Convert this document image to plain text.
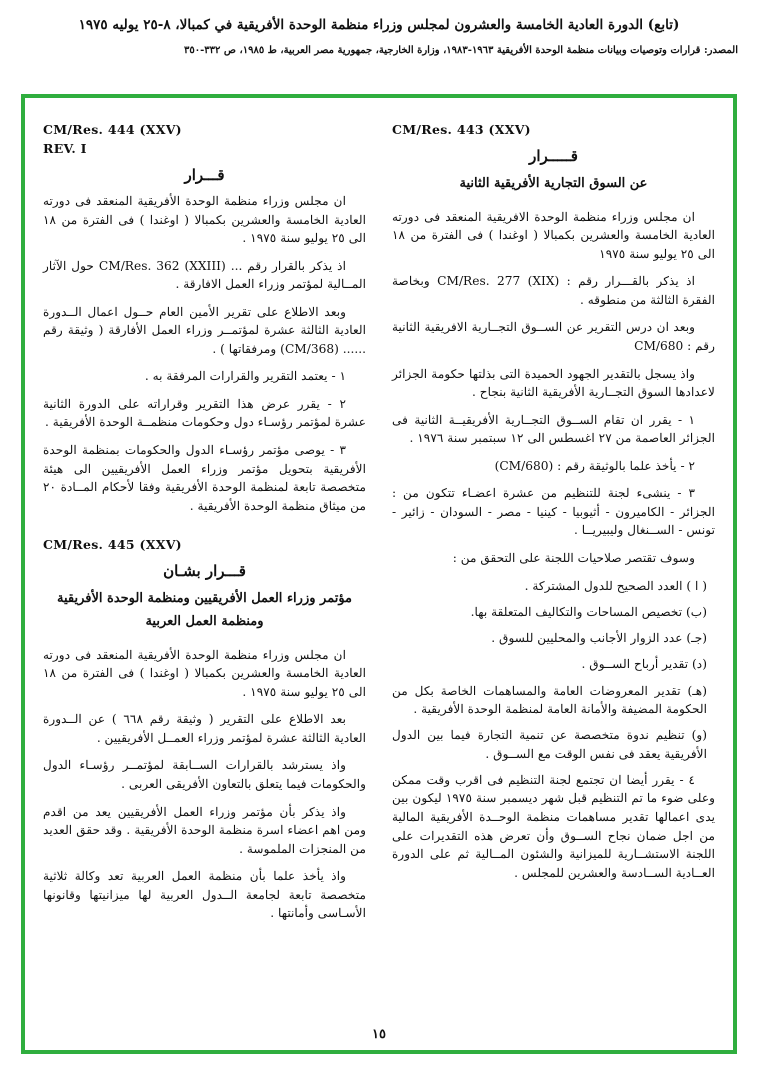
(تابع) الدورة العادية الخامسة والعشرون لمجلس وزراء منظمة الوحدة الأفريقية في كمبالا، ٨-٢٥ يوليه ١٩٧٥
المصدر: قرارات وتوصيات وبيانات منظمة الوحدة الأفريقية ١٩٦٣-١٩٨٣، وزارة الخارجية، جمهورية مصر العربية، ط ١٩٨٥، ص ٣٣٢-٣٥٠

CM/Res. 443 (XXV)

قـــــرار
عن السوق التجارية الأفريقية الثانية

ان مجلس وزراء منظمة الوحدة الافريقية المنعقد فى دورته العادية الخامسة والعشرين بكمبالا ( اوغندا ) فى الفترة من ١٨ الى ٢٥ يوليو سنة ١٩٧٥

اذ يذكر بالقـــرار رقم : CM/Res. 277 (XIX) وبخاصة الفقرة الثالثة من منطوقه .

وبعد ان درس التقرير عن الســوق التجــارية الافريقية الثانية رقم : CM/680

واذ يسجل بالتقدير الجهود الحميدة التى بذلتها حكومة الجزائر لاعدادها السوق التجــارية الأفريقية الثانية بنجاح .

١ - يقرر ان تقام الســوق التجــارية الأفريقيــة الثانية فى الجزائر العاصمة من ٢٧ اغسطس الى ١٢ سبتمبر سنة ١٩٧٦ .

٢ - يأخذ علما بالوثيقة رقم : (CM/680)

٣ - ينشىء لجنة للتنظيم من عشرة اعضـاء تتكون من : الجزائر - الكاميرون - أثيوبيا - كينيا - مصر - السودان - زائير - تونس - الســنغال وليبيريــا .

وسوف تقتصر صلاحيات اللجنة على التحقق من :

( ا ) العدد الصحيح للدول المشتركة .

(ب) تخصيص المساحات والتكاليف المتعلقة بها.

(جـ) عدد الزوار الأجانب والمحليين للسوق .

(د) تقدير أرباح الســوق .

(هـ) تقدير المعروضات العامة والمساهمات الخاصة بكل من الحكومة المضيفة والأمانة العامة لمنظمة الوحدة الأفريقية .

(و) تنظيم ندوة متخصصة عن تنمية التجارة فيما بين الدول الأفريقية يعقد فى نفس الوقت مع الســوق .

٤ - يقرر أيضا ان تجتمع لجنة التنظيم فى اقرب وقت ممكن وعلى ضوء ما تم التنظيم قبل شهر ديسمبر سنة ١٩٧٥ ليكون بين يدى اعمالها تقدير مساهمات منظمة الوحــدة الأفريقية المالية من اجل ضمان نجاح الســوق وأن تعرض هذه التقديرات على اللجنة الاستشــارية للميزانية والشئون المــالية ثم على الدورة العــادية الســادسة والعشرين للمجلس .

CM/Res. 444 (XXV)

REV. I

قـــرار

ان مجلس وزراء منظمة الوحدة الأفريقية المنعقد فى دورته العادية الخامسة والعشرين بكمبالا ( اوغندا ) فى الفترة من ١٨ الى ٢٥ يوليو سنة ١٩٧٥ .

اذ يذكر بالقرار رقم ... CM/Res. 362 (XXIII) حول الآثار المــالية لمؤتمر وزراء العمل الافارقة .

وبعد الاطلاع على تقرير الأمين العام حــول اعمال الــدورة العادية الثالثة عشرة لمؤتمــر وزراء العمل الأفارقة ( وثيقة رقم ...... (CM/368) ومرفقاتها ) .

١ - يعتمد التقرير والقرارات المرفقة به .

٢ - يقرر عرض هذا التقرير وقراراته على الدورة الثانية عشرة لمؤتمر رؤسـاء دول وحكومات منظمــة الوحدة الأفريقية .

٣ - يوصى مؤتمر رؤسـاء الدول والحكومات بمنظمة الوحدة الأفريقية بتحويل مؤتمر وزراء العمل الأفريقيين الى هيئة متخصصة تابعة لمنظمة الوحدة الأفريقية وفقا لأحكام المــادة ٢٠ من ميثاق منظمة الوحدة الأفريقية .

CM/Res. 445 (XXV)

قـــرار بشـان
مؤتمر وزراء العمل الأفريقيين ومنظمة الوحدة الأفريقية ومنظمة العمل العربية

ان مجلس وزراء منظمة الوحدة الأفريقية المنعقد فى دورته العادية الخامسة والعشرين بكمبالا ( اوغندا ) فى الفترة من ١٨ الى ٢٥ يوليو سنة ١٩٧٥ .

بعد الاطلاع على التقرير ( وثيقة رقم ٦٦٨ ) عن الــدورة العادية الثالثة عشرة لمؤتمر وزراء العمــل الأفريقيين .

واذ يسترشد بالقرارات الســابقة لمؤتمــر رؤسـاء الدول والحكومات فيما يتعلق بالتعاون الأفريقى العربى .

واذ يذكر بأن مؤتمر وزراء العمل الأفريقيين يعد من اقدم ومن اهم اعضاء اسرة منظمة الوحدة الأفريقية . وقد حقق العديد من المنجزات الملموسة .

واذ يأخذ علما بأن منظمة العمل العربية تعد وكالة ثلاثية متخصصة تابعة لجامعة الــدول العربية لها ميزانيتها وقانونها الأسـاسى وأمانتها .

١٥
